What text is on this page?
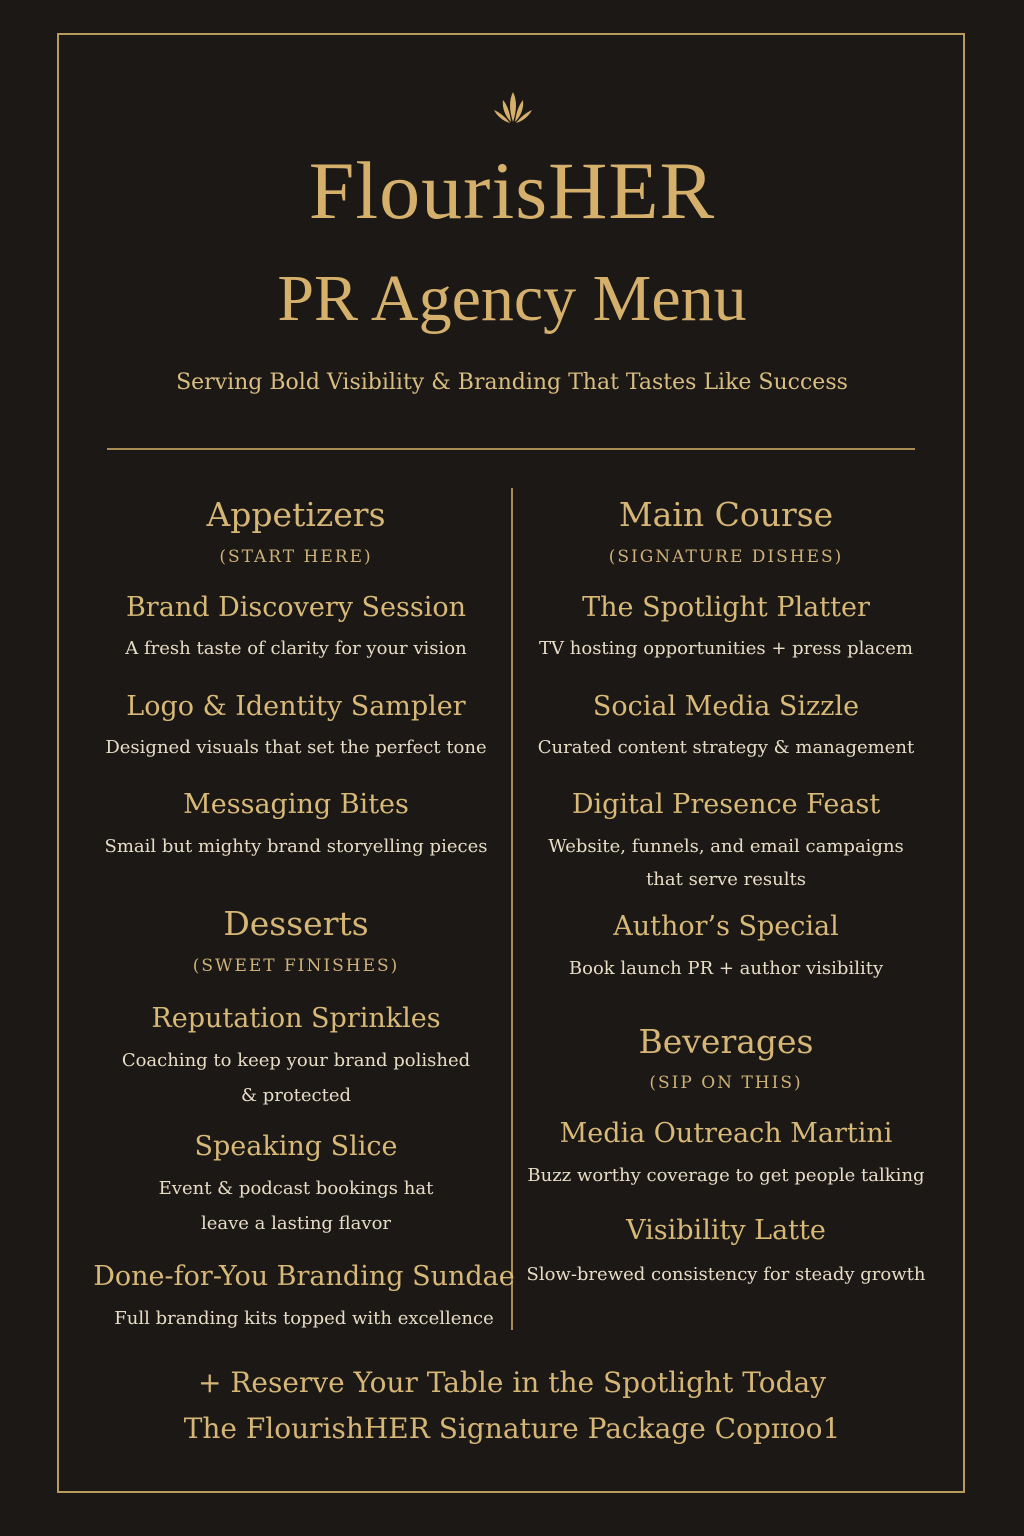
FlourisHER
PR Agency Menu
Serving Bold Visibility & Branding That Tastes Like Success
Appetizers
(START HERE)
Brand Discovery Session
A fresh taste of clarity for your vision
Logo & Identity Sampler
Designed visuals that set the perfect tone
Messaging Bites
Smail but mighty brand storyelling pieces
Desserts
(SWEET FINISHES)
Reputation Sprinkles
Coaching to keep your brand polished
& protected
Speaking Slice
Event & podcast bookings hat
leave a lasting flavor
Done-for-You Branding Sundae
Full branding kits topped with excellence
Main Course
(SIGNATURE DISHES)
The Spotlight Platter
TV hosting opportunities + press placem
Social Media Sizzle
Curated content strategy & management
Digital Presence Feast
Website, funnels, and email campaigns
that serve results
Author’s Special
Book launch PR + author visibility
Beverages
(SIP ON THIS)
Media Outreach Martini
Buzz worthy coverage to get people talking
Visibility Latte
Slow-brewed consistency for steady growth
+ Reserve Your Table in the Spotlight Today
The FlourishHER Signature Package Copɪɪoo1
